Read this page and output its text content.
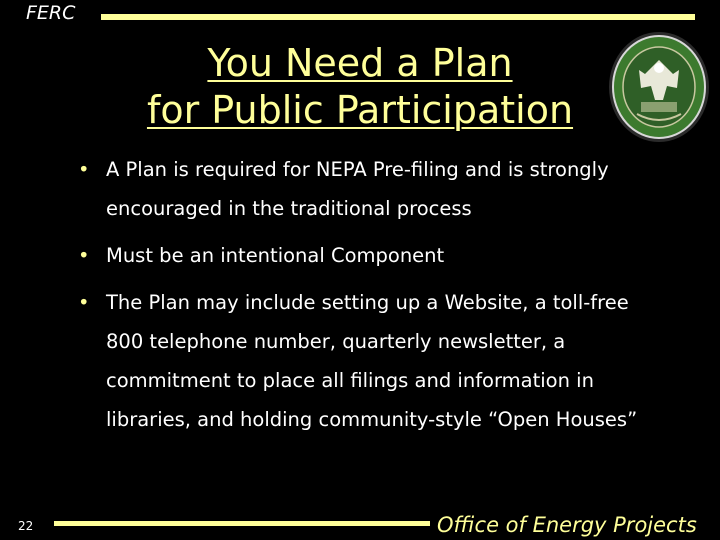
FERC
You Need a Plan
for Public Participation
• A Plan is required for NEPA Pre-filing and is strongly encouraged in the traditional process
• Must be an intentional Component
• The Plan may include setting up a Website, a toll-free 800 telephone number, quarterly newsletter, a commitment to place all filings and information in libraries, and holding community-style “Open Houses”
22	Office of Energy Projects
